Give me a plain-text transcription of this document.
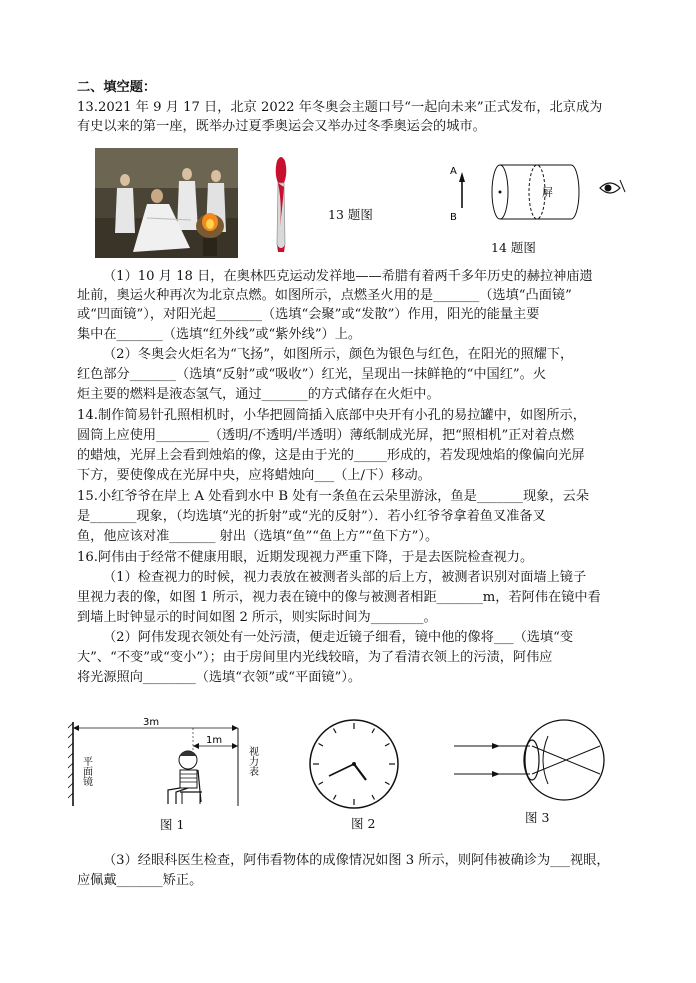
二、填空题：
13.2021 年 9 月 17 日，北京 2022 年冬奥会主题口号“一起向未来”正式发布，北京成为
有史以来的第一座，既举办过夏季奥运会又举办过冬季奥运会的城市。
13 题图
A
B
屏
14 题图
（1）10 月 18 日，在奥林匹克运动发祥地——希腊有着两千多年历史的赫拉神庙遗
址前，奥运火种再次为北京点燃。如图所示，点燃圣火用的是_______（选填“凸面镜”
或“凹面镜”），对阳光起_______（选填“会聚”或“发散”）作用，阳光的能量主要
集中在_______（选填“红外线”或“紫外线”）上。
（2）冬奥会火炬名为“飞扬”，如图所示，颜色为银色与红色，在阳光的照耀下，
红色部分_______（选填“反射”或“吸收”）红光，呈现出一抹鲜艳的“中国红”。火
炬主要的燃料是液态氢气，通过_______的方式储存在火炬中。
14.制作简易针孔照相机时，小华把圆筒插入底部中央开有小孔的易拉罐中，如图所示，
圆筒上应使用________（透明/不透明/半透明）薄纸制成光屏，把“照相机”正对着点燃
的蜡烛，光屏上会看到烛焰的像，这是由于光的_____形成的，若发现烛焰的像偏向光屏
下方，要使像成在光屏中央，应将蜡烛向___（上/下）移动。
15.小红爷爷在岸上 A 处看到水中 B 处有一条鱼在云朵里游泳，鱼是_______现象，云朵
是_______现象，（均选填“光的折射”或“光的反射”）．若小红爷爷拿着鱼叉准备叉
鱼，他应该对准_______ 射出（选填“鱼”“鱼上方”“鱼下方”）。
16.阿伟由于经常不健康用眼，近期发现视力严重下降，于是去医院检查视力。
（1）检查视力的时候，视力表放在被测者头部的后上方，被测者识别对面墙上镜子
里视力表的像，如图 1 所示，视力表在镜中的像与被测者相距_______m，若阿伟在镜中看
到墙上时钟显示的时间如图 2 所示，则实际时间为________。
（2）阿伟发现衣领处有一处污渍，便走近镜子细看，镜中他的像将___（选填“变
大”、“不变”或“变小”）；由于房间里内光线较暗，为了看清衣领上的污渍，阿伟应
将光源照向________（选填“衣领”或“平面镜”）。
平面镜
3m
1m
视力表
图 1	图 2	图 3
（3）经眼科医生检查，阿伟看物体的成像情况如图 3 所示，则阿伟被确诊为___视眼，
应佩戴_______矫正。
